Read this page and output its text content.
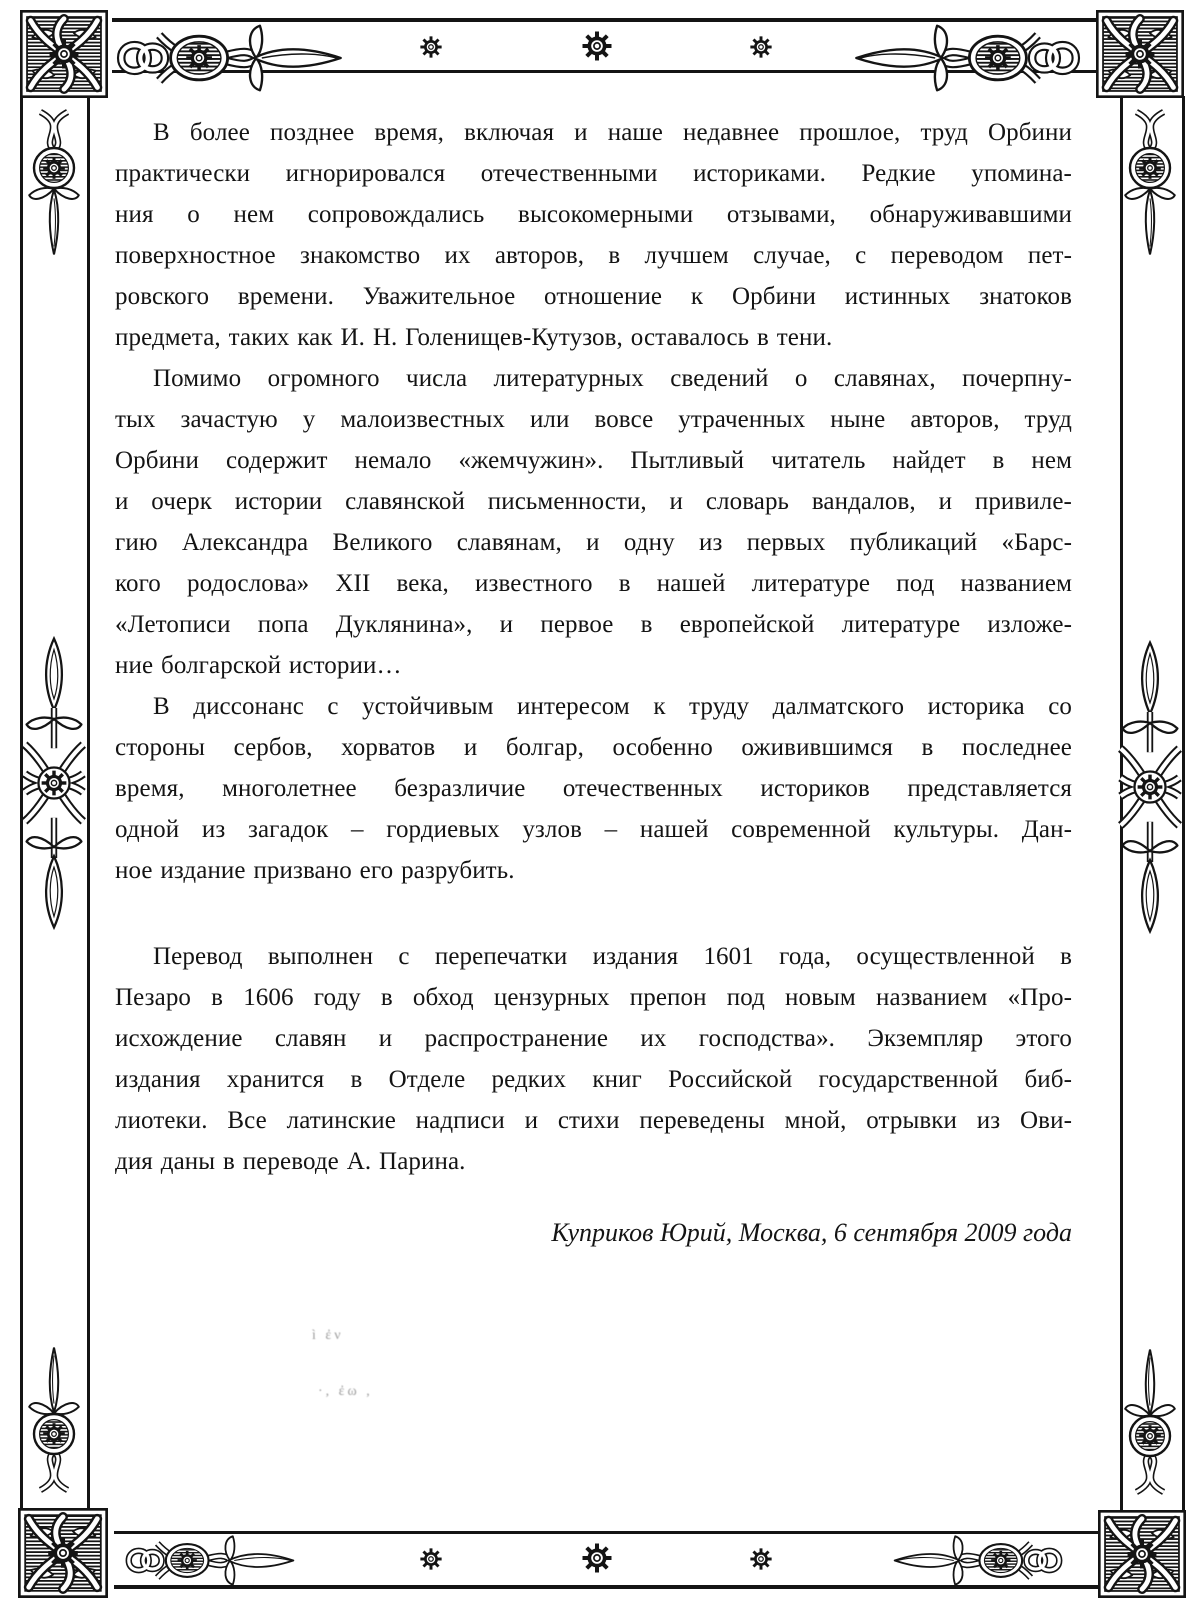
В более позднее время, включая и наше недавнее прошлое, труд Орбини
практически игнорировался отечественными историками. Редкие упомина-
ния о нем сопровождались высокомерными отзывами, обнаруживавшими
поверхностное знакомство их авторов, в лучшем случае, с переводом пет-
ровского времени. Уважительное отношение к Орбини истинных знатоков
предмета, таких как И. Н. Голенищев-Кутузов, оставалось в тени.
Помимо огромного числа литературных сведений о славянах, почерпну-
тых зачастую у малоизвестных или вовсе утраченных ныне авторов, труд
Орбини содержит немало «жемчужин». Пытливый читатель найдет в нем
и очерк истории славянской письменности, и словарь вандалов, и привиле-
гию Александра Великого славянам, и одну из первых публикаций «Барс-
кого родослова» XII века, известного в нашей литературе под названием
«Летописи попа Дуклянина», и первое в европейской литературе изложе-
ние болгарской истории…
В диссонанс с устойчивым интересом к труду далматского историка со
стороны сербов, хорватов и болгар, особенно оживившимся в последнее
время, многолетнее безразличие отечественных историков представляется
одной из загадок – гордиевых узлов – нашей современной культуры. Дан-
ное издание призвано его разрубить.
Перевод выполнен с перепечатки издания 1601 года, осуществленной в
Пезаро в 1606 году в обход цензурных препон под новым названием «Про-
исхождение славян и распространение их господства». Экземпляр этого
издания хранится в Отделе редких книг Российской государственной биб-
лиотеки. Все латинские надписи и стихи переведены мной, отрывки из Ови-
дия даны в переводе А. Парина.
Куприков Юрий, Москва, 6 сентября 2009 года
ì ἐν
·, ἐω ,
